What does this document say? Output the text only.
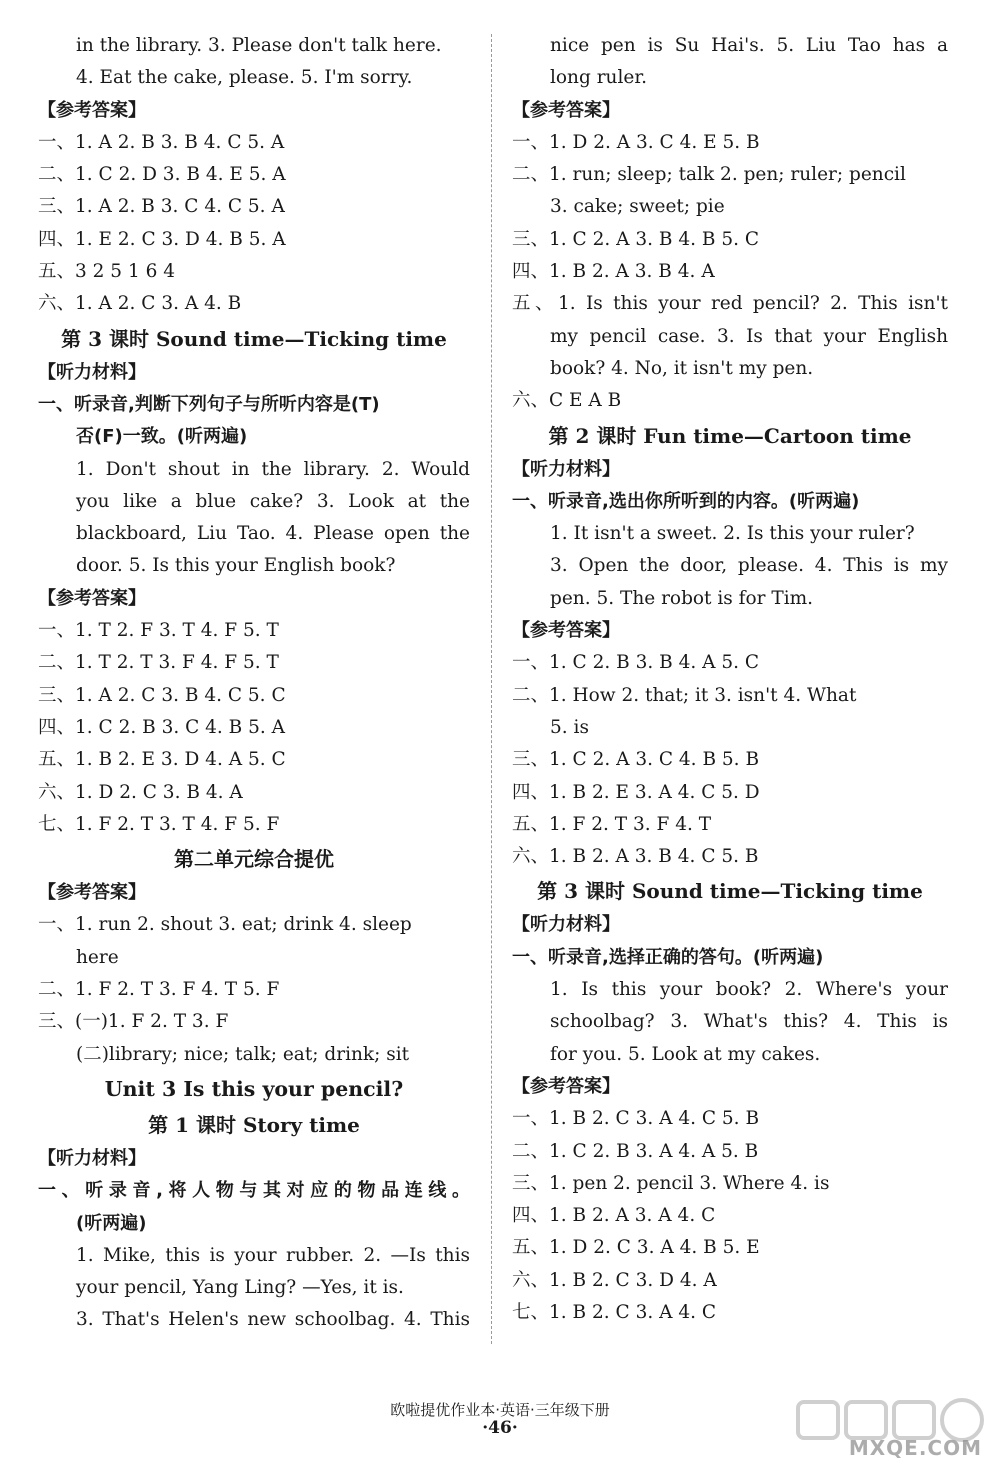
in the library. 3. Please don't talk here.
4. Eat the cake, please. 5. I'm sorry.
【参考答案】
一、1. A 2. B 3. B 4. C 5. A
二、1. C 2. D 3. B 4. E 5. A
三、1. A 2. B 3. C 4. C 5. A
四、1. E 2. C 3. D 4. B 5. A
五、3 2 5 1 6 4
六、1. A 2. C 3. A 4. B
第 3 课时 Sound time—Ticking time
【听力材料】
一、听录音,判断下列句子与所听内容是(T)
否(F)一致。(听两遍)
1. Don't shout in the library. 2. Would
you like a blue cake? 3. Look at the
blackboard, Liu Tao. 4. Please open the
door. 5. Is this your English book?
【参考答案】
一、1. T 2. F 3. T 4. F 5. T
二、1. T 2. T 3. F 4. F 5. T
三、1. A 2. C 3. B 4. C 5. C
四、1. C 2. B 3. C 4. B 5. A
五、1. B 2. E 3. D 4. A 5. C
六、1. D 2. C 3. B 4. A
七、1. F 2. T 3. T 4. F 5. F
第二单元综合提优
【参考答案】
一、1. run 2. shout 3. eat; drink 4. sleep
here
二、1. F 2. T 3. F 4. T 5. F
三、(一)1. F 2. T 3. F
(二)library; nice; talk; eat; drink; sit
Unit 3 Is this your pencil?
第 1 课时 Story time
【听力材料】
一、听录音,将人物与其对应的物品连线。
(听两遍)
1. Mike, this is your rubber. 2. —Is this
your pencil, Yang Ling? —Yes, it is.
3. That's Helen's new schoolbag. 4. This
nice pen is Su Hai's. 5. Liu Tao has a
long ruler.
【参考答案】
一、1. D 2. A 3. C 4. E 5. B
二、1. run; sleep; talk 2. pen; ruler; pencil
3. cake; sweet; pie
三、1. C 2. A 3. B 4. B 5. C
四、1. B 2. A 3. B 4. A
五、1. Is this your red pencil? 2. This isn't
my pencil case. 3. Is that your English
book? 4. No, it isn't my pen.
六、C E A B
第 2 课时 Fun time—Cartoon time
【听力材料】
一、听录音,选出你所听到的内容。(听两遍)
1. It isn't a sweet. 2. Is this your ruler?
3. Open the door, please. 4. This is my
pen. 5. The robot is for Tim.
【参考答案】
一、1. C 2. B 3. B 4. A 5. C
二、1. How 2. that; it 3. isn't 4. What
5. is
三、1. C 2. A 3. C 4. B 5. B
四、1. B 2. E 3. A 4. C 5. D
五、1. F 2. T 3. F 4. T
六、1. B 2. A 3. B 4. C 5. B
第 3 课时 Sound time—Ticking time
【听力材料】
一、听录音,选择正确的答句。(听两遍)
1. Is this your book? 2. Where's your
schoolbag? 3. What's this? 4. This is
for you. 5. Look at my cakes.
【参考答案】
一、1. B 2. C 3. A 4. C 5. B
二、1. C 2. B 3. A 4. A 5. B
三、1. pen 2. pencil 3. Where 4. is
四、1. B 2. A 3. A 4. C
五、1. D 2. C 3. A 4. B 5. E
六、1. B 2. C 3. D 4. A
七、1. B 2. C 3. A 4. C
欧啦提优作业本·英语·三年级下册
·46·
MXQE.COM
